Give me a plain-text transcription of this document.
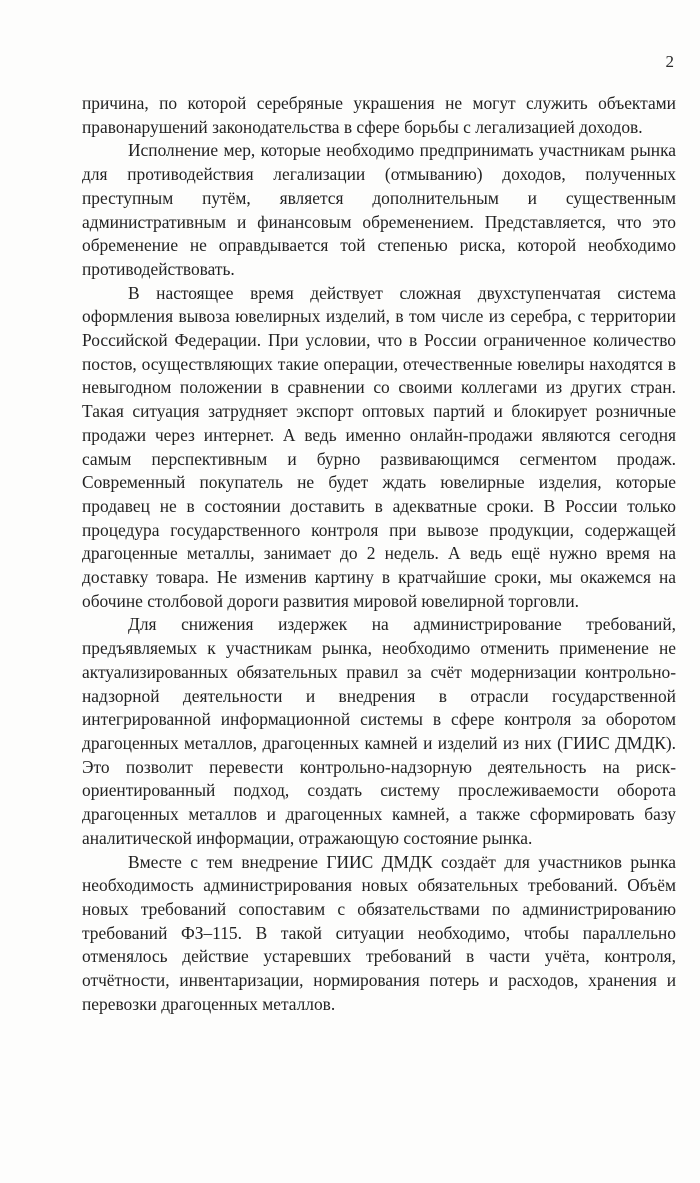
2

причина, по которой серебряные украшения не могут служить объектами правонарушений законодательства в сфере борьбы с легализацией доходов.

Исполнение мер, которые необходимо предпринимать участникам рынка для противодействия легализации (отмыванию) доходов, полученных преступным путём, является дополнительным и существенным административным и финансовым обременением. Представляется, что это обременение не оправдывается той степенью риска, которой необходимо противодействовать.

В настоящее время действует сложная двухступенчатая система оформления вывоза ювелирных изделий, в том числе из серебра, с территории Российской Федерации. При условии, что в России ограниченное количество постов, осуществляющих такие операции, отечественные ювелиры находятся в невыгодном положении в сравнении со своими коллегами из других стран. Такая ситуация затрудняет экспорт оптовых партий и блокирует розничные продажи через интернет. А ведь именно онлайн-продажи являются сегодня самым перспективным и бурно развивающимся сегментом продаж. Современный покупатель не будет ждать ювелирные изделия, которые продавец не в состоянии доставить в адекватные сроки. В России только процедура государственного контроля при вывозе продукции, содержащей драгоценные металлы, занимает до 2 недель. А ведь ещё нужно время на доставку товара. Не изменив картину в кратчайшие сроки, мы окажемся на обочине столбовой дороги развития мировой ювелирной торговли.

Для снижения издержек на администрирование требований, предъявляемых к участникам рынка, необходимо отменить применение не актуализированных обязательных правил за счёт модернизации контрольно-надзорной деятельности и внедрения в отрасли государственной интегрированной информационной системы в сфере контроля за оборотом драгоценных металлов, драгоценных камней и изделий из них (ГИИС ДМДК). Это позволит перевести контрольно-надзорную деятельность на риск-ориентированный подход, создать систему прослеживаемости оборота драгоценных металлов и драгоценных камней, а также сформировать базу аналитической информации, отражающую состояние рынка.

Вместе с тем внедрение ГИИС ДМДК создаёт для участников рынка необходимость администрирования новых обязательных требований. Объём новых требований сопоставим с обязательствами по администрированию требований ФЗ–115. В такой ситуации необходимо, чтобы параллельно отменялось действие устаревших требований в части учёта, контроля, отчётности, инвентаризации, нормирования потерь и расходов, хранения и перевозки драгоценных металлов.
